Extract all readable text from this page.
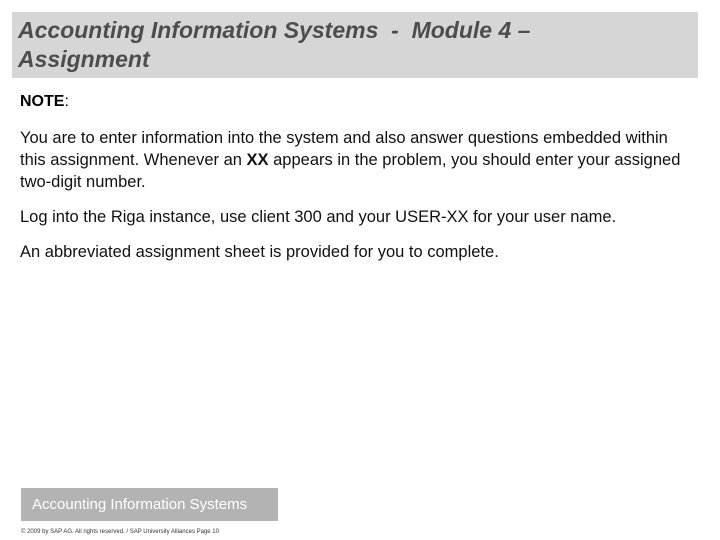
Accounting Information Systems  -  Module 4 –
Assignment
NOTE:

You are to enter information into the system and also answer questions embedded within this assignment. Whenever an XX appears in the problem, you should enter your assigned two-digit number.

Log into the Riga instance, use client 300 and your USER-XX for your user name.

An abbreviated assignment sheet is provided for you to complete.

Accounting Information Systems
© 2009 by SAP AG. All rights reserved. / SAP University Alliances Page 10
